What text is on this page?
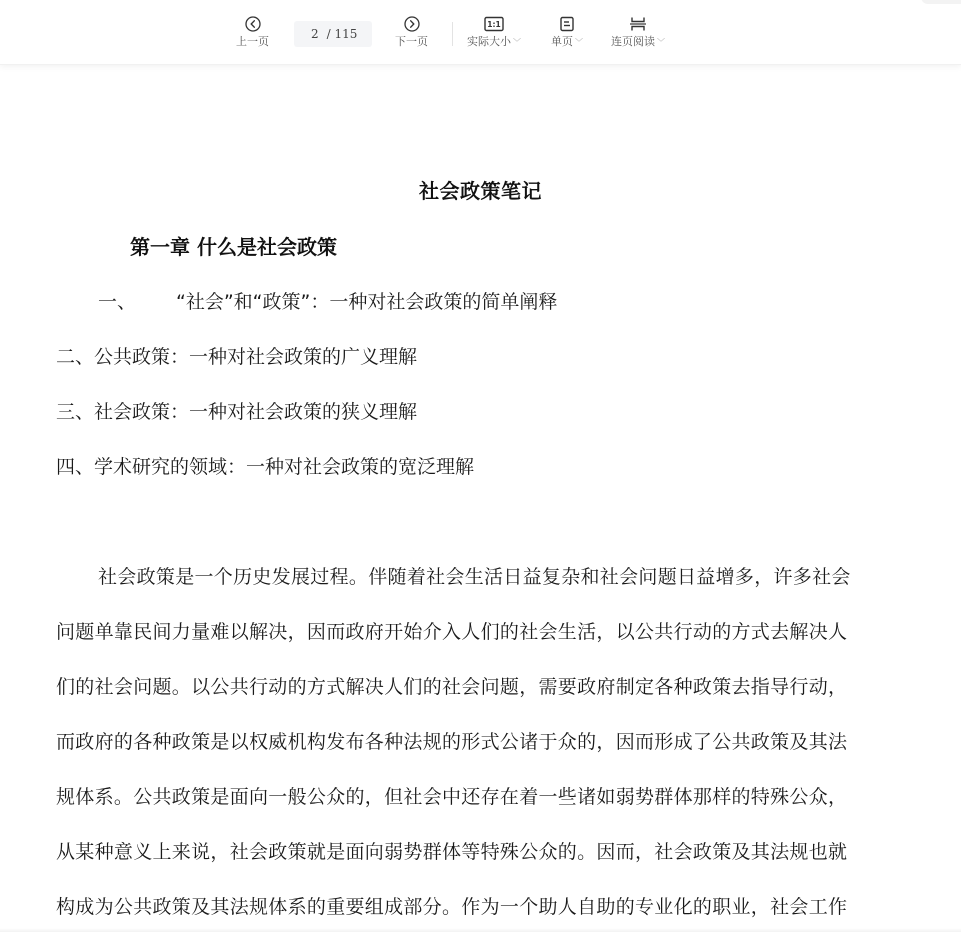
上一页
2
/ 115
下一页
1:1
实际大小 ﹀	单页 ﹀	连页阅读 ﹀
社会政策笔记
第一章 什么是社会政策
一、 “社会”和“政策”：一种对社会政策的简单阐释
二、公共政策：一种对社会政策的广义理解
三、社会政策：一种对社会政策的狭义理解
四、学术研究的领域：一种对社会政策的宽泛理解
社会政策是一个历史发展过程。伴随着社会生活日益复杂和社会问题日益增多，许多社会
问题单靠民间力量难以解决，因而政府开始介入人们的社会生活，以公共行动的方式去解决人
们的社会问题。以公共行动的方式解决人们的社会问题，需要政府制定各种政策去指导行动，
而政府的各种政策是以权威机构发布各种法规的形式公诸于众的，因而形成了公共政策及其法
规体系。公共政策是面向一般公众的，但社会中还存在着一些诸如弱势群体那样的特殊公众，
从某种意义上来说，社会政策就是面向弱势群体等特殊公众的。因而，社会政策及其法规也就
构成为公共政策及其法规体系的重要组成部分。作为一个助人自助的专业化的职业，社会工作
